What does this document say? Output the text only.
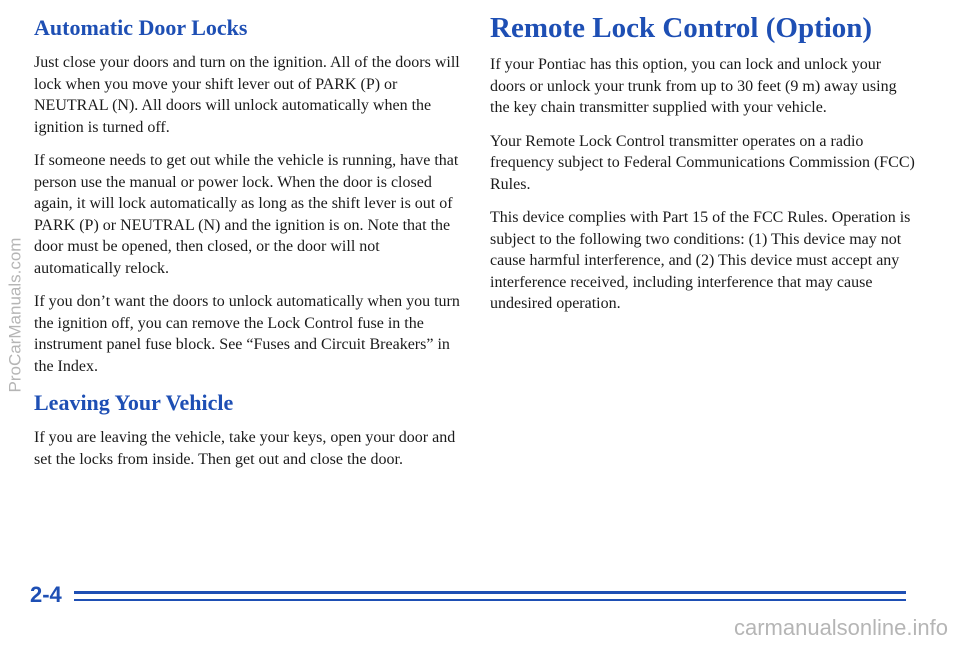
Automatic Door Locks

Just close your doors and turn on the ignition. All of the doors will lock when you move your shift lever out of PARK (P) or NEUTRAL (N). All doors will unlock automatically when the ignition is turned off.

If someone needs to get out while the vehicle is running, have that person use the manual or power lock. When the door is closed again, it will lock automatically as long as the shift lever is out of PARK (P) or NEUTRAL (N) and the ignition is on. Note that the door must be opened, then closed, or the door will not automatically relock.

If you don’t want the doors to unlock automatically when you turn the ignition off, you can remove the Lock Control fuse in the instrument panel fuse block. See “Fuses and Circuit Breakers” in the Index.

Leaving Your Vehicle

If you are leaving the vehicle, take your keys, open your door and set the locks from inside. Then get out and close the door.

Remote Lock Control (Option)

If your Pontiac has this option, you can lock and unlock your doors or unlock your trunk from up to 30 feet (9 m) away using the key chain transmitter supplied with your vehicle.

Your Remote Lock Control transmitter operates on a radio frequency subject to Federal Communications Commission (FCC) Rules.

This device complies with Part 15 of the FCC Rules. Operation is subject to the following two conditions: (1) This device may not cause harmful interference, and (2) This device must accept any interference received, including interference that may cause undesired operation.

2-4
ProCarManuals.com
carmanualsonline.info
